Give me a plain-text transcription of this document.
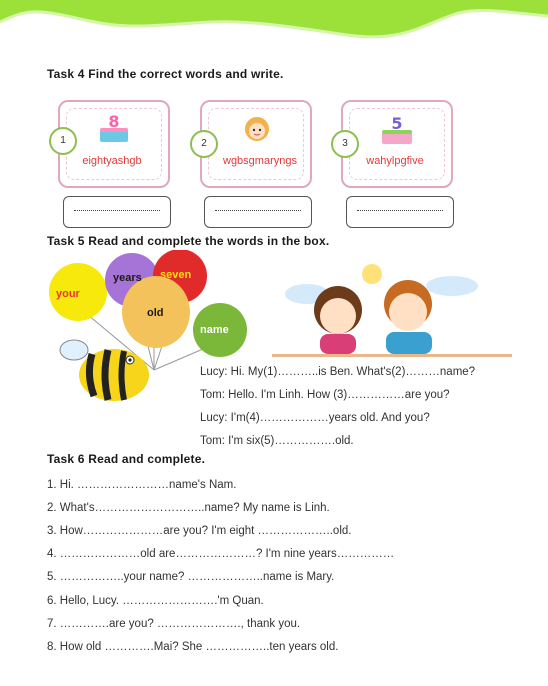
Task 4 Find the correct words and write.
1
8
eightyashgb
2
wgbsgmaryngs
3
5
wahylpgfive
Task 5 Read and complete the words in the box.
your
years seven
old
name
Lucy: Hi. My(1)………..is Ben. What's(2)………name?
Tom: Hello. I'm Linh. How (3)……………are you?
Lucy: I'm(4)………………years old. And you?
Tom: I'm six(5)…………….old.
Task 6 Read and complete.
1. Hi. ……………………name's Nam.
2. What's………………………..name? My name is Linh.
3. How…………………are you? I'm eight ………………..old.
4. …………………old are…………………? I'm nine years……………
5. ……………..your name? ………………..name is Mary.
6. Hello, Lucy. …………………….'m Quan.
7. ………….are you? …………………., thank you.
8. How old ………….Mai? She ……………..ten years old.
